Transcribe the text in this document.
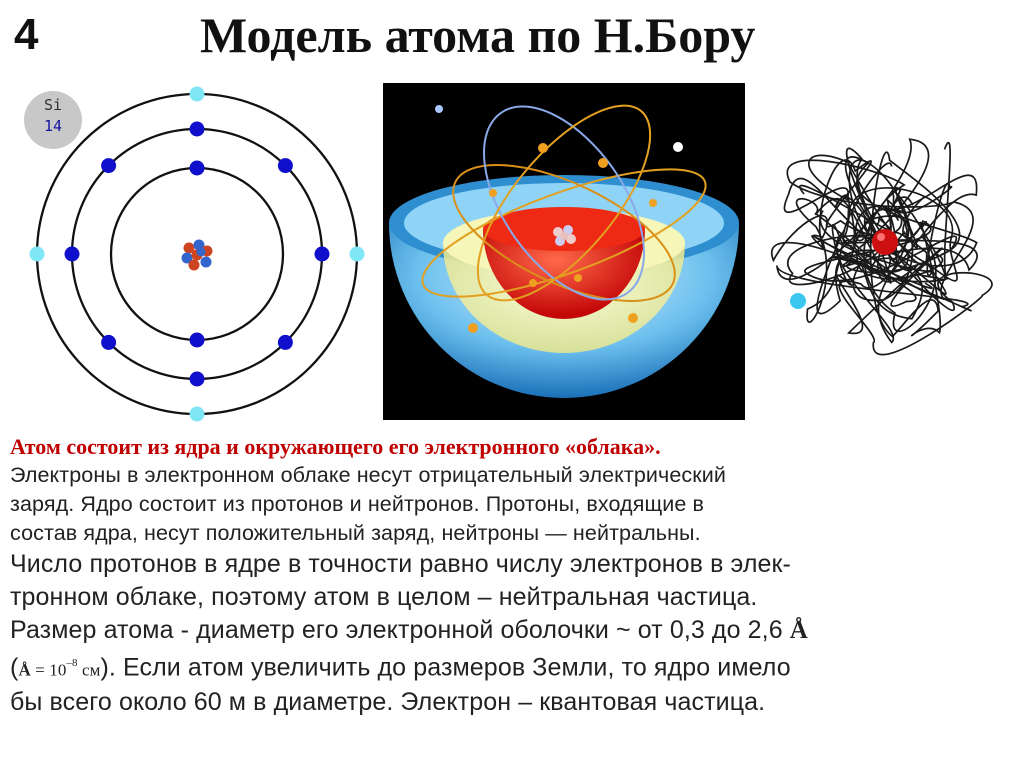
4	Модель атома по Н.Бору
Si
14
Атом состоит из ядра и окружающего его электронного «облака».
Электроны в электронном облаке несут отрицательный электрический
заряд. Ядро состоит из протонов и нейтронов. Протоны, входящие в
состав ядра, несут положительный заряд, нейтроны — нейтральны.
Число протонов в ядре в точности равно числу электронов в элек-
тронном облаке, поэтому атом в целом – нейтральная частица.
Размер атома - диаметр его электронной оболочки ~ от 0,3 до 2,6 Å
(Å = $10^{-8}$ см). Если атом увеличить до размеров Земли, то ядро имело
бы всего около 60 м в диаметре. Электрон – квантовая частица.
